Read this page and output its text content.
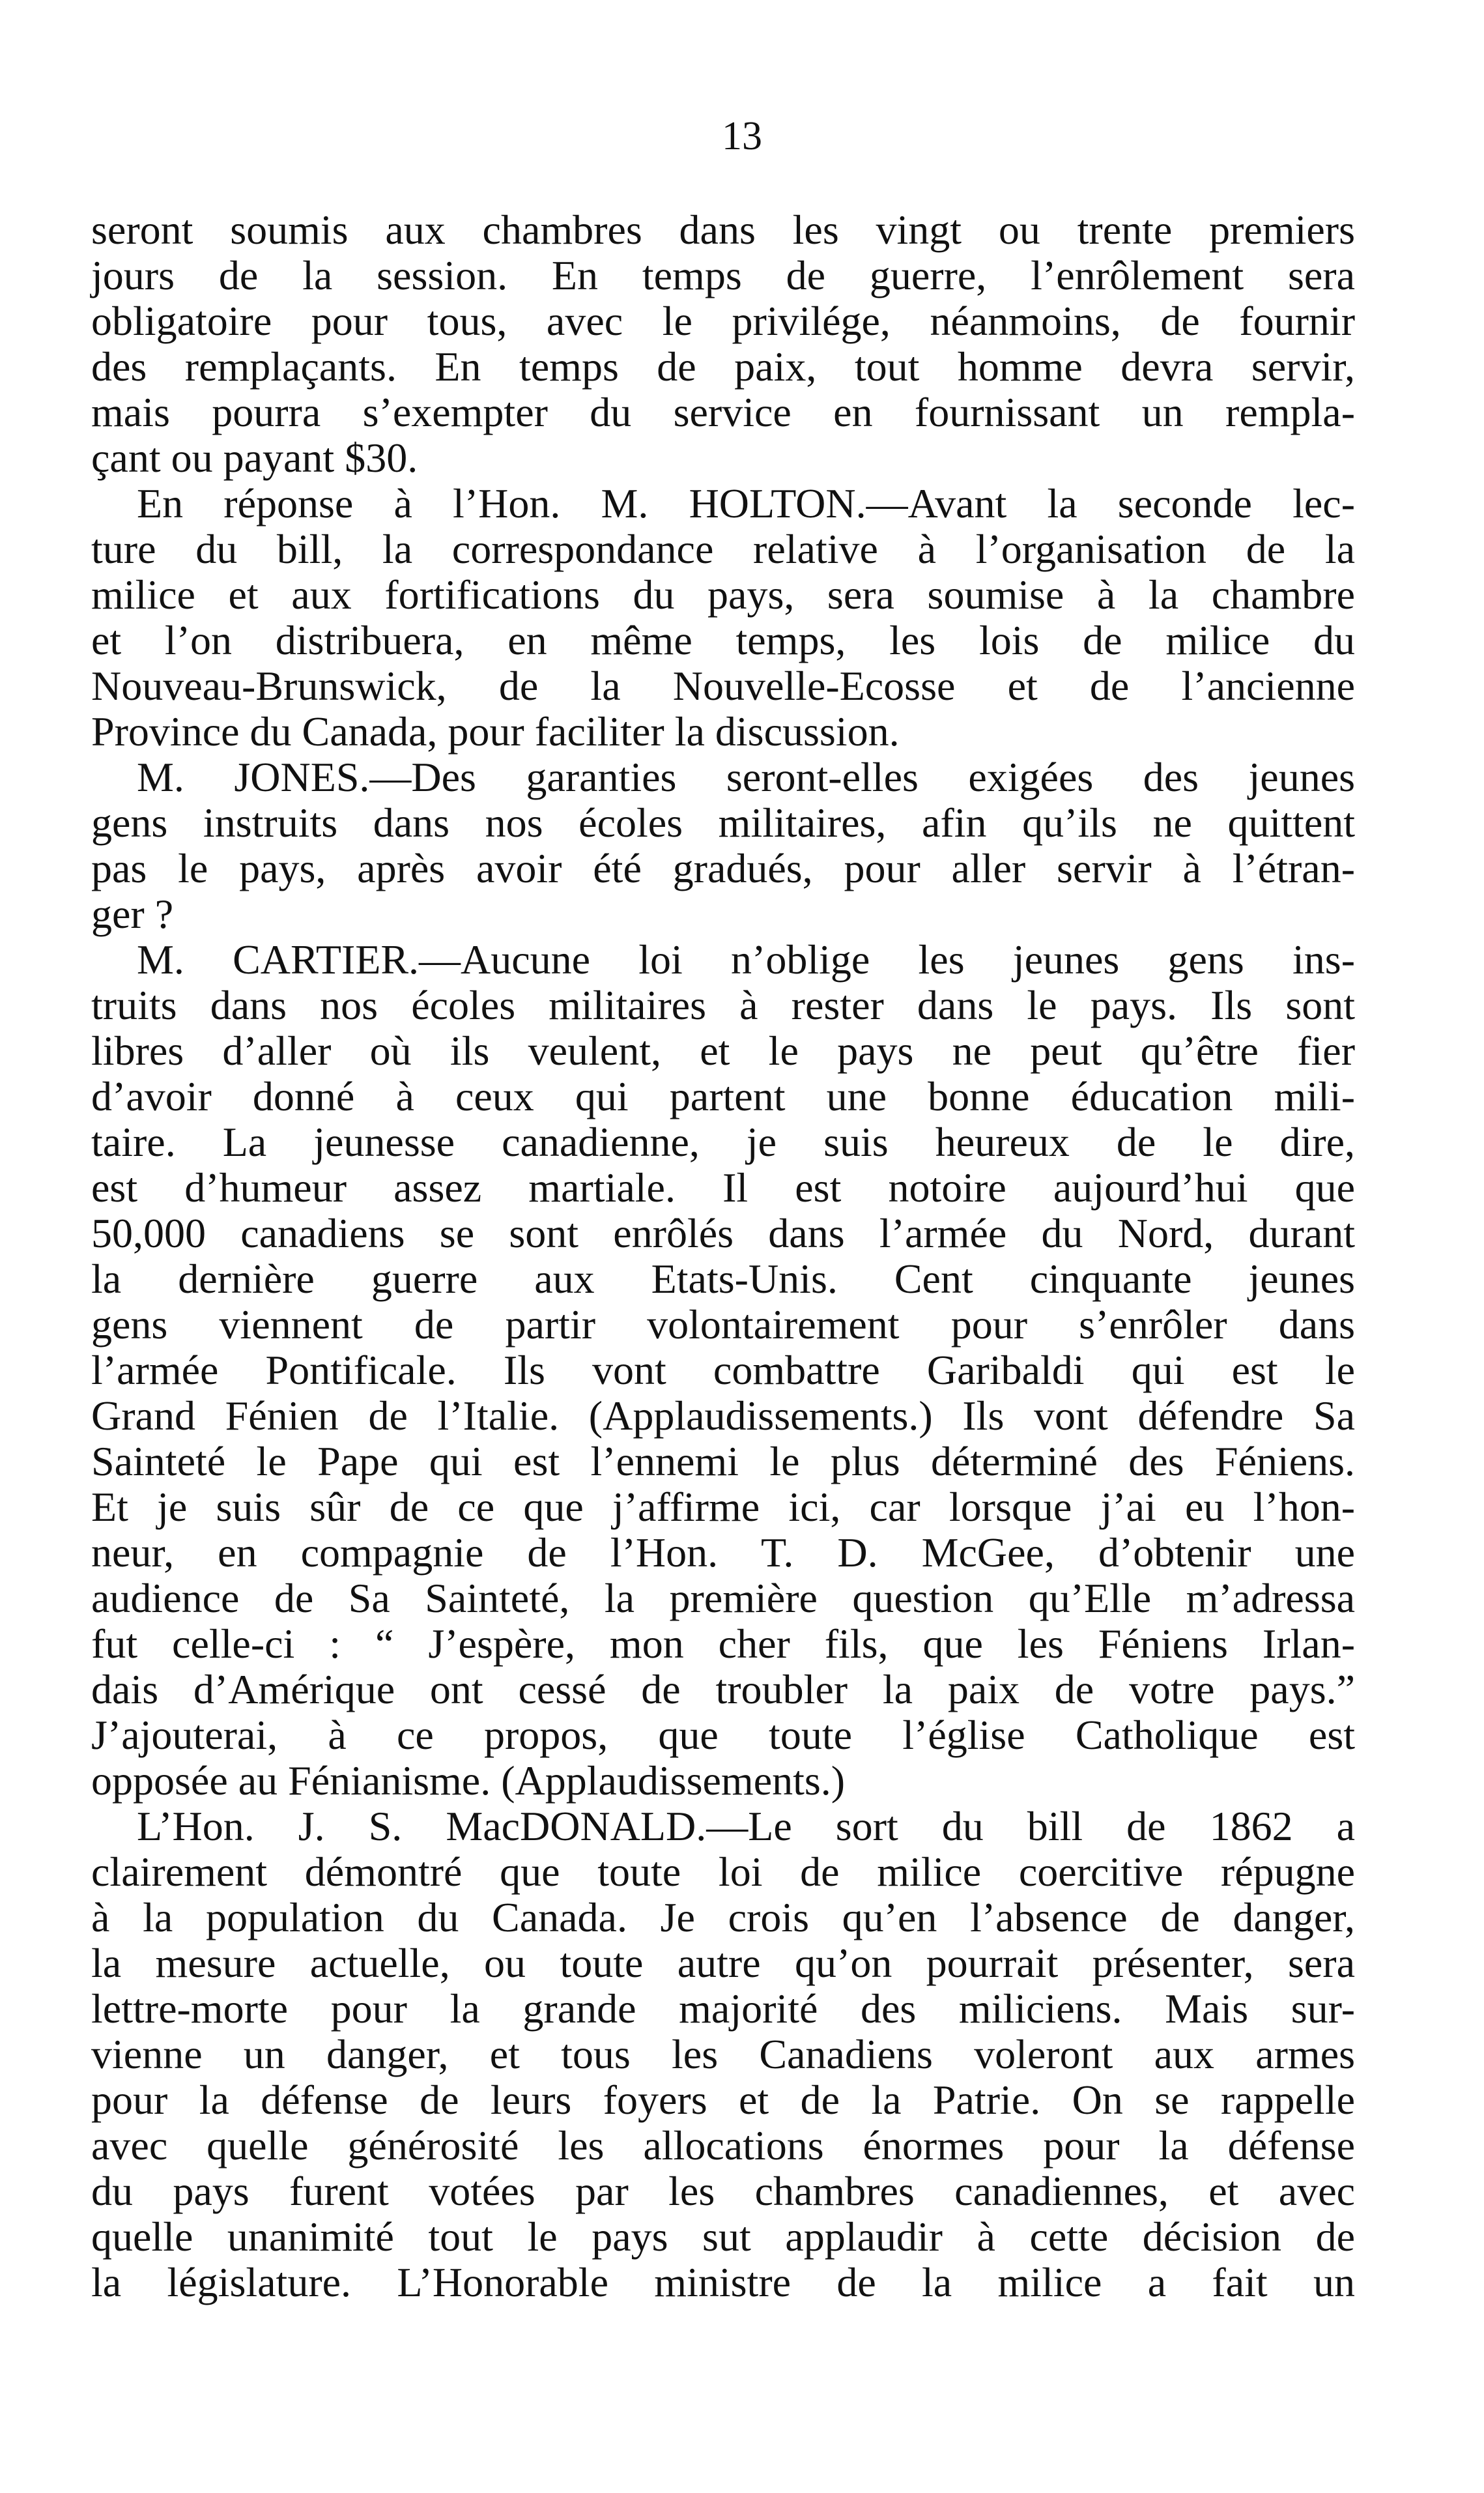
13
seront soumis aux chambres dans les vingt ou trente premiers
jours de la session. En temps de guerre, l’enrôlement sera
obligatoire pour tous, avec le privilége, néanmoins, de fournir
des remplaçants. En temps de paix, tout homme devra servir,
mais pourra s’exempter du service en fournissant un rempla-
çant ou payant $30.
En réponse à l’Hon. M. HOLTON.—Avant la seconde lec-
ture du bill, la correspondance relative à l’organisation de la
milice et aux fortifications du pays, sera soumise à la chambre
et l’on distribuera, en même temps, les lois de milice du
Nouveau-Brunswick, de la Nouvelle-Ecosse et de l’ancienne
Province du Canada, pour faciliter la discussion.
M. JONES.—Des garanties seront-elles exigées des jeunes
gens instruits dans nos écoles militaires, afin qu’ils ne quittent
pas le pays, après avoir été gradués, pour aller servir à l’étran-
ger ?
M. CARTIER.—Aucune loi n’oblige les jeunes gens ins-
truits dans nos écoles militaires à rester dans le pays. Ils sont
libres d’aller où ils veulent, et le pays ne peut qu’être fier
d’avoir donné à ceux qui partent une bonne éducation mili-
taire. La jeunesse canadienne, je suis heureux de le dire,
est d’humeur assez martiale. Il est notoire aujourd’hui que
50,000 canadiens se sont enrôlés dans l’armée du Nord, durant
la dernière guerre aux Etats-Unis. Cent cinquante jeunes
gens viennent de partir volontairement pour s’enrôler dans
l’armée Pontificale. Ils vont combattre Garibaldi qui est le
Grand Fénien de l’Italie. (Applaudissements.) Ils vont défendre Sa
Sainteté le Pape qui est l’ennemi le plus déterminé des Féniens.
Et je suis sûr de ce que j’affirme ici, car lorsque j’ai eu l’hon-
neur, en compagnie de l’Hon. T. D. McGee, d’obtenir une
audience de Sa Sainteté, la première question qu’Elle m’adressa
fut celle-ci : “ J’espère, mon cher fils, que les Féniens Irlan-
dais d’Amérique ont cessé de troubler la paix de votre pays.”
J’ajouterai, à ce propos, que toute l’église Catholique est
opposée au Fénianisme. (Applaudissements.)
L’Hon. J. S. MacDONALD.—Le sort du bill de 1862 a
clairement démontré que toute loi de milice coercitive répugne
à la population du Canada. Je crois qu’en l’absence de danger,
la mesure actuelle, ou toute autre qu’on pourrait présenter, sera
lettre-morte pour la grande majorité des miliciens. Mais sur-
vienne un danger, et tous les Canadiens voleront aux armes
pour la défense de leurs foyers et de la Patrie. On se rappelle
avec quelle générosité les allocations énormes pour la défense
du pays furent votées par les chambres canadiennes, et avec
quelle unanimité tout le pays sut applaudir à cette décision de
la législature. L’Honorable ministre de la milice a fait un
